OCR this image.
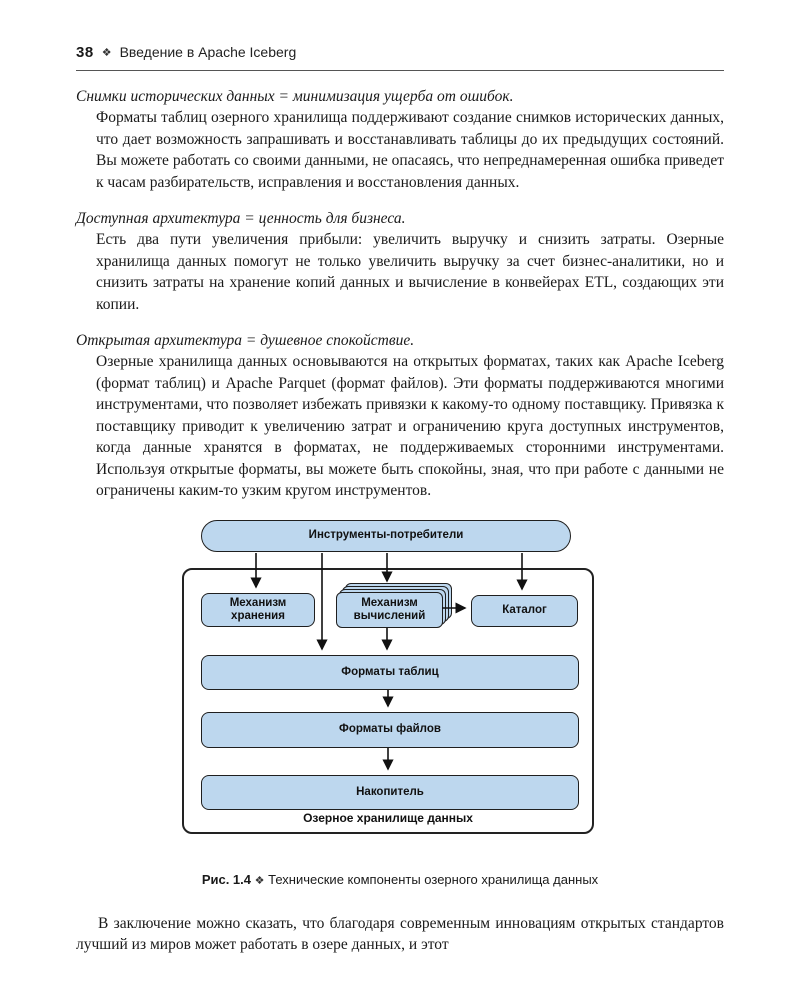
38 ❖ Введение в Apache Iceberg
Снимки исторических данных = минимизация ущерба от ошибок.
Форматы таблиц озерного хранилища поддерживают создание снимков исторических данных, что дает возможность запрашивать и восстанавливать таблицы до их предыдущих состояний. Вы можете работать со своими данными, не опасаясь, что непреднамеренная ошибка приведет к часам разбирательств, исправления и восстановления данных.
Доступная архитектура = ценность для бизнеса.
Есть два пути увеличения прибыли: увеличить выручку и снизить затраты. Озерные хранилища данных помогут не только увеличить выручку за счет бизнес-аналитики, но и снизить затраты на хранение копий данных и вычисление в конвейерах ETL, создающих эти копии.
Открытая архитектура = душевное спокойствие.
Озерные хранилища данных основываются на открытых форматах, таких как Apache Iceberg (формат таблиц) и Apache Parquet (формат файлов). Эти форматы поддерживаются многими инструментами, что позволяет избежать привязки к какому-то одному поставщику. Привязка к поставщику приводит к увеличению затрат и ограничению круга доступных инструментов, когда данные хранятся в форматах, не поддерживаемых сторонними инструментами. Используя открытые форматы, вы можете быть спокойны, зная, что при работе с данными не ограничены каким-то узким кругом инструментов.
Инструменты-потребители
Механизм хранения
Механизм вычислений	Каталог
Форматы таблиц
Форматы файлов
Накопитель
Озерное хранилище данных
Рис. 1.4 ❖ Технические компоненты озерного хранилища данных
В заключение можно сказать, что благодаря современным инновациям открытых стандартов лучший из миров может работать в озере данных, и этот
